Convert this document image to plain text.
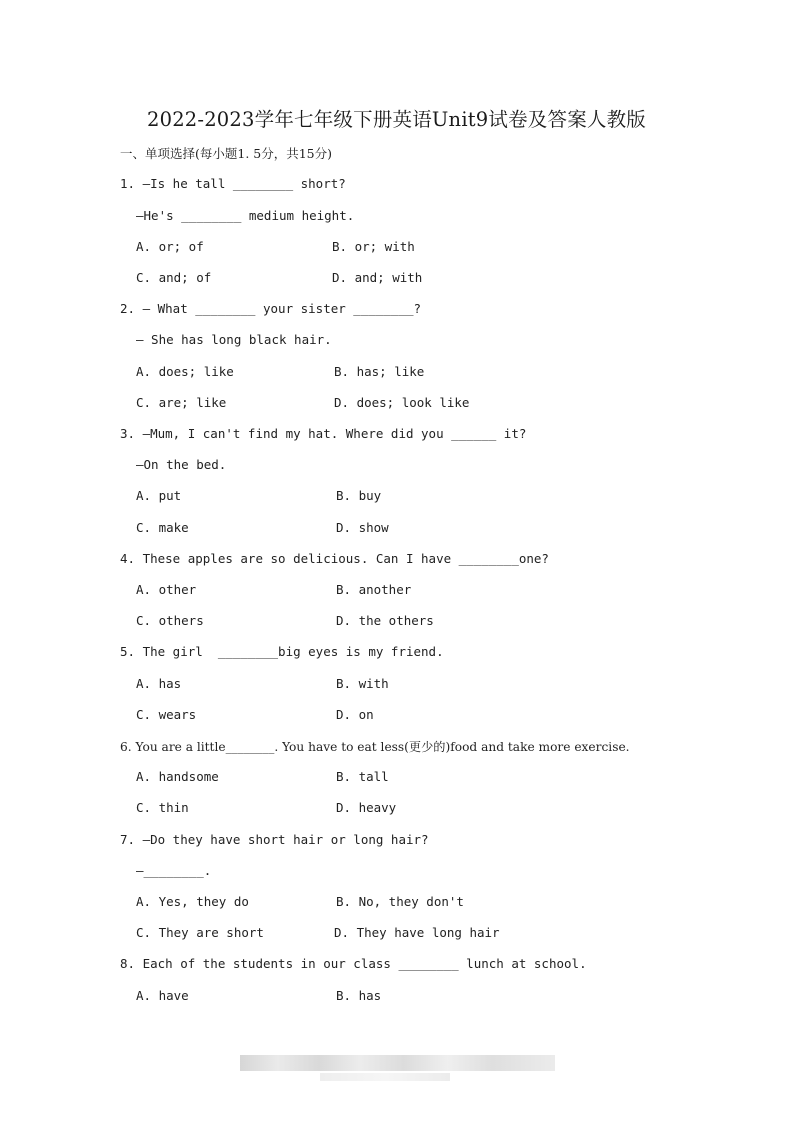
2022-2023学年七年级下册英语Unit9试卷及答案人教版
一、单项选择(每小题1. 5分，共15分)
1. —Is he tall ________ short?
—He's ________ medium height.
A. or; of	B. or; with
C. and; of	D. and; with
2. — What ________ your sister ________?
— She has long black hair.
A. does; like	B. has; like
C. are; like	D. does; look like
3. —Mum, I can't find my hat. Where did you ______ it?
—On the bed.
A. put	B. buy
C. make	D. show
4. These apples are so delicious. Can I have ________one?
A. other	B. another
C. others	D. the others
5. The girl  ________big eyes is my friend.
A. has	B. with
C. wears	D. on
6. You are a little________. You have to eat less(更少的)food and take more exercise.
A. handsome	B. tall
C. thin	D. heavy
7. —Do they have short hair or long hair?
—________.
A. Yes, they do	B. No, they don't
C. They are short	D. They have long hair
8. Each of the students in our class ________ lunch at school.
A. have	B. has
